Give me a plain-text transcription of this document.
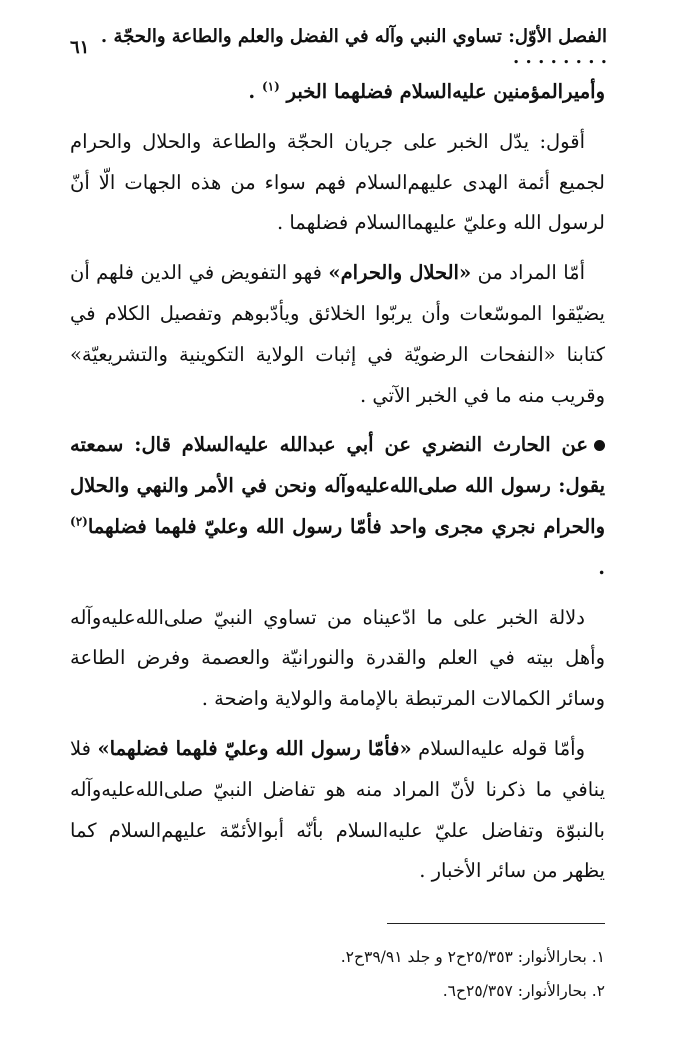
الفصل الأوّل: تساوي النبي وآله في الفضل والعلم والطاعة والحجّة . . . . . . . . .
٦١

وأميرالمؤمنين عليه‌السلام فضلهما الخبر $^{(١)}$ .

أقول: يدّل الخبر على جريان الحجّة والطاعة والحلال والحرام لجميع أئمة الهدى عليهم‌السلام فهم سواء من هذه الجهات الّا أنّ لرسول الله وعليّ عليهما‌السلام فضلهما .

أمّا المراد من «الحلال والحرام» فهو التفويض في الدين فلهم أن يضيّقوا الموسّعات وأن يربّوا الخلائق ويأدّبوهم وتفصيل الكلام في كتابنا «النفحات الرضويّة في إثبات الولاية التكوينية والتشريعيّة» وقريب منه ما في الخبر الآتي .

عن الحارث النضري عن أبي عبدالله عليه‌السلام قال: سمعته يقول: رسول الله صلى‌الله‌عليه‌وآله ونحن في الأمر والنهي والحلال والحرام نجري مجرى واحد فأمّا رسول الله وعليّ فلهما فضلهما$^{(٢)}$ .

دلالة الخبر على ما ادّعيناه من تساوي النبيّ صلى‌الله‌عليه‌وآله وأهل بيته في العلم والقدرة والنورانيّة والعصمة وفرض الطاعة وسائر الكمالات المرتبطة بالإمامة والولاية واضحة .

وأمّا قوله عليه‌السلام «فأمّا رسول الله وعليّ فلهما فضلهما» فلا ينافي ما ذكرنا لأنّ المراد منه هو تفاضل النبيّ صلى‌الله‌عليه‌وآله بالنبوّة وتفاضل عليّ عليه‌السلام بأنّه أبوالأئمّة عليهم‌السلام كما يظهر من سائر الأخبار .

١. بحارالأنوار: ٢٥/٣٥٣ح٢ و جلد ٣٩/٩١ح٢.

٢. بحارالأنوار: ٢٥/٣٥٧ح٦.
